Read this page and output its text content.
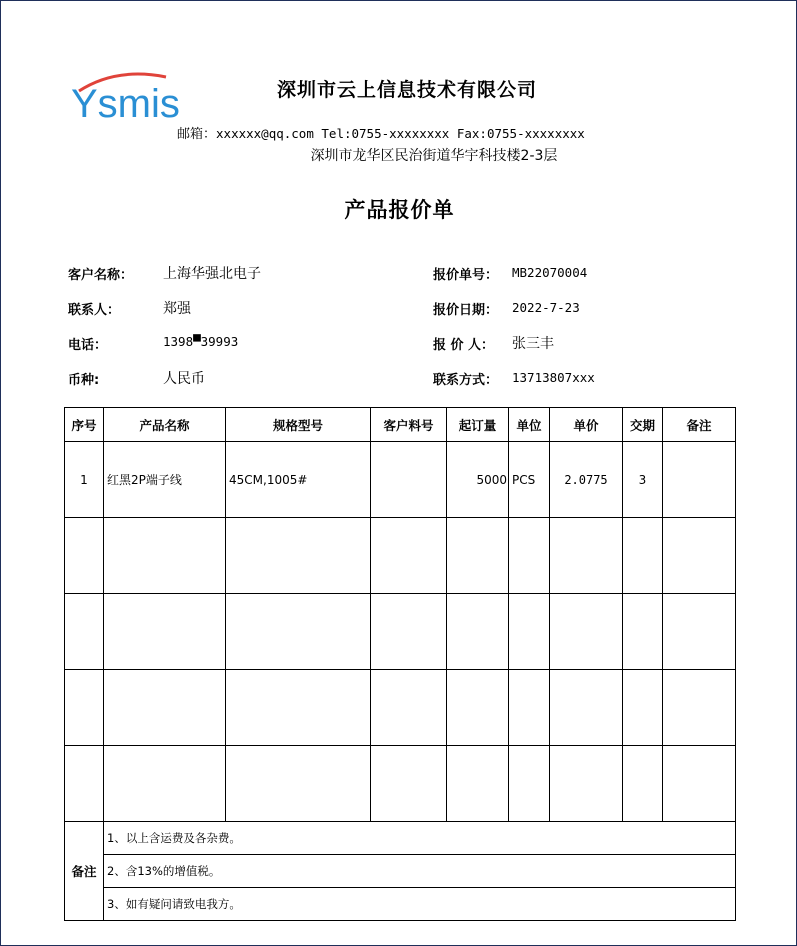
Ysmis	深圳市云上信息技术有限公司
邮箱：xxxxxx@qq.com Tel:0755-xxxxxxxx Fax:0755-xxxxxxxx
深圳市龙华区民治街道华宇科技楼2-3层
产品报价单
客户名称： 上海华强北电子
联系人：	郑强
电话：	1398▀39993
币种:	人民币
报价单号： MB22070004
报价日期： 2022-7-23
报 价 人： 张三丰
联系方式： 13713807xxx
序号	产品名称	规格型号	客户料号	起订量	单位	单价	交期	备注
1	红黑2P端子线	45CM,1005#		5000	PCS	2.0775	3	

备注	1、以上含运费及各杂费。							
	2、含13%的增值税。							
	3、如有疑问请致电我方。							
